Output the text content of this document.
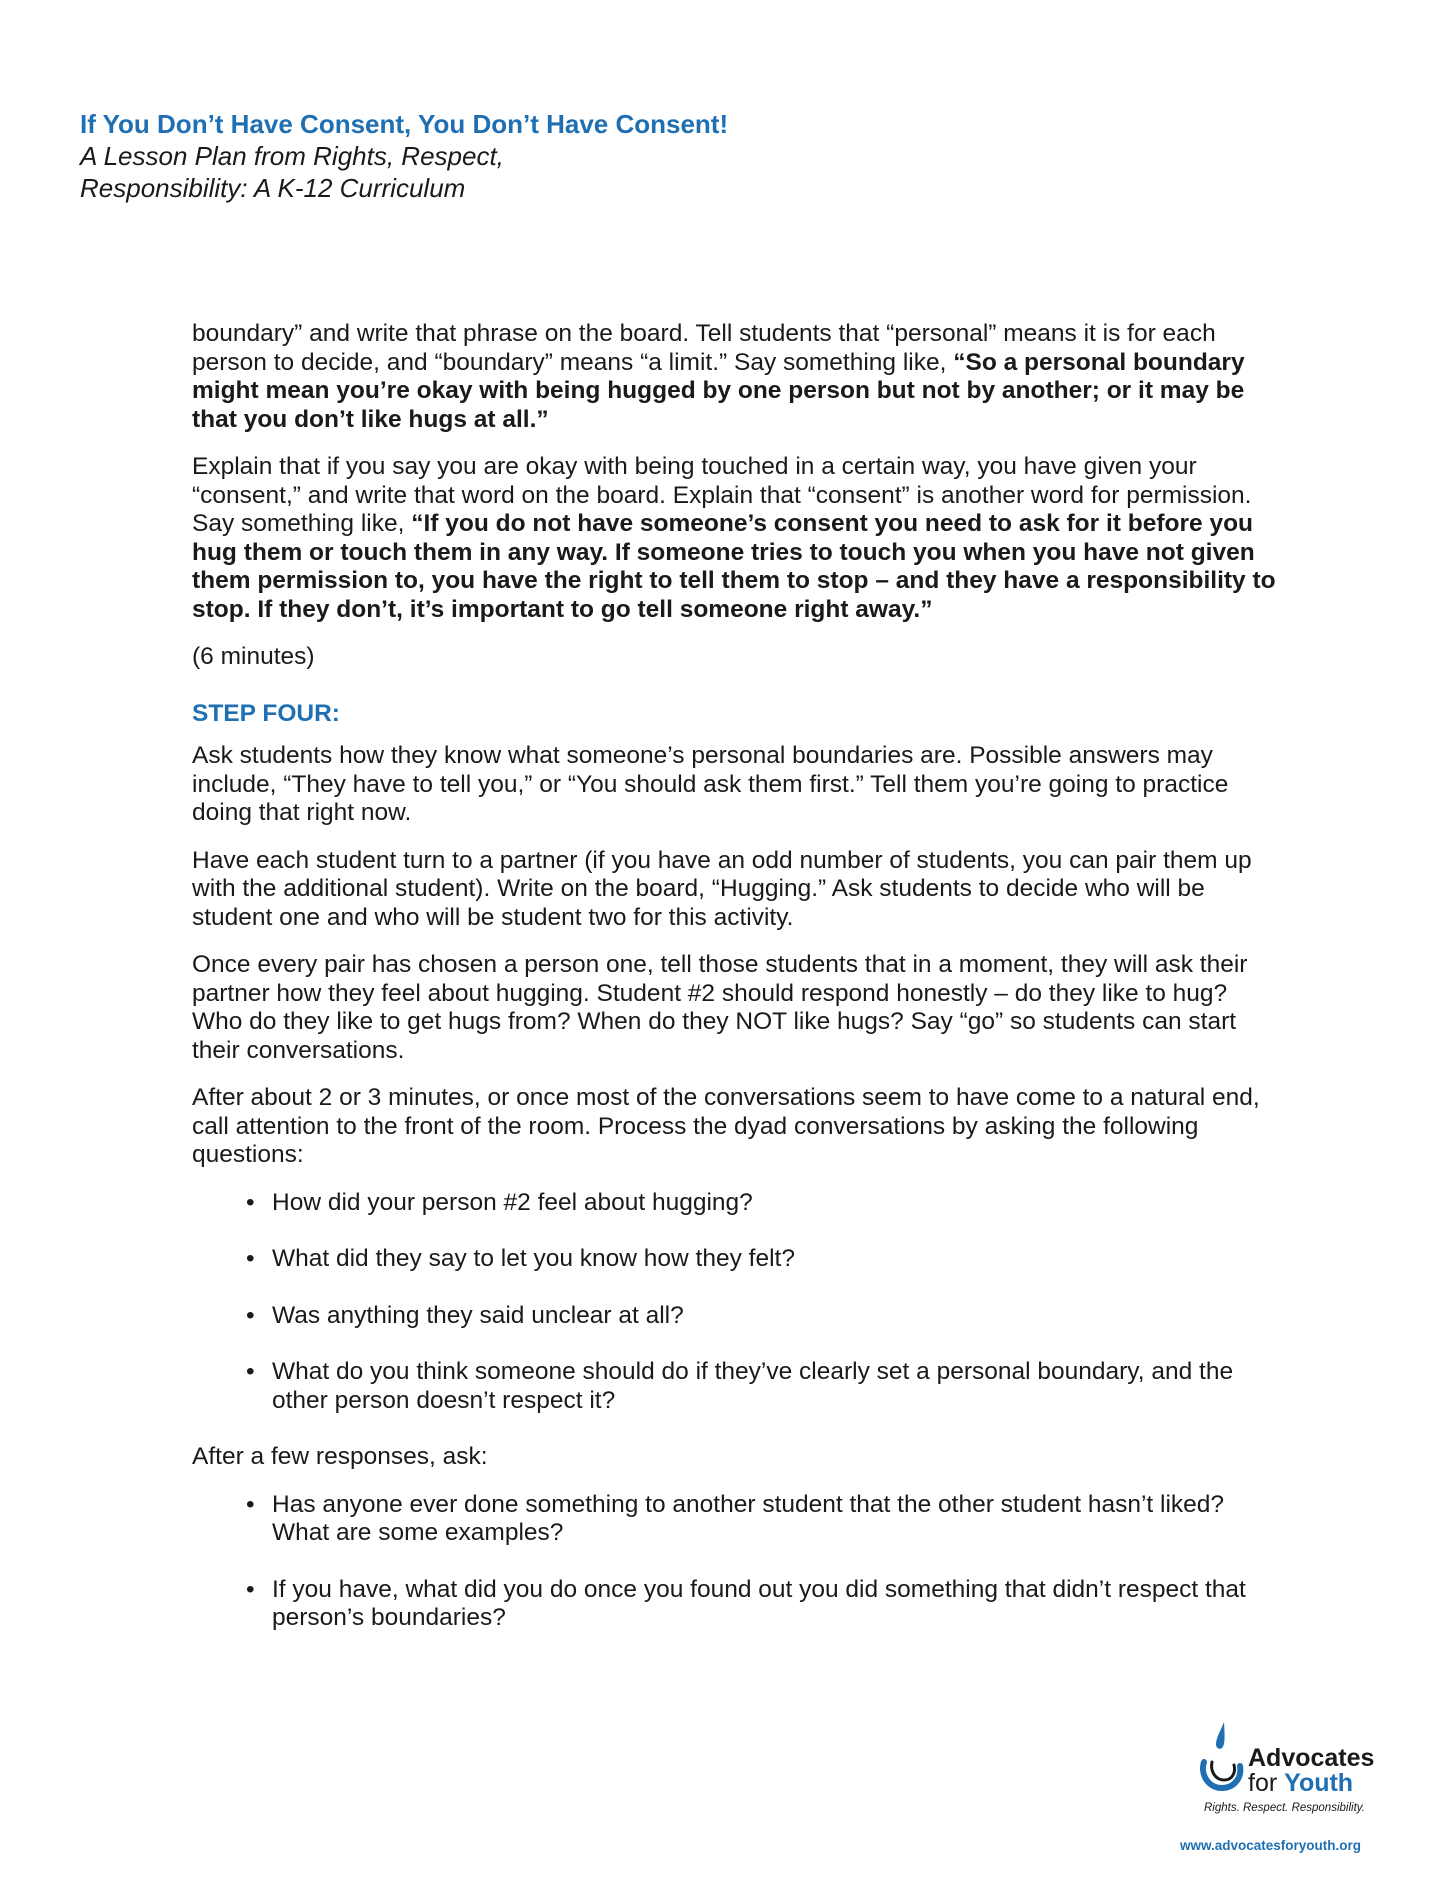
If You Don’t Have Consent, You Don’t Have Consent!

A Lesson Plan from Rights, Respect,

Responsibility: A K-12 Curriculum

boundary” and write that phrase on the board. Tell students that “personal” means it is for each person to decide, and “boundary” means “a limit.” Say something like, “So a personal boundary might mean you’re okay with being hugged by one person but not by another; or it may be that you don’t like hugs at all.”

Explain that if you say you are okay with being touched in a certain way, you have given your “consent,” and write that word on the board. Explain that “consent” is another word for permission. Say something like, “If you do not have someone’s consent you need to ask for it before you hug them or touch them in any way. If someone tries to touch you when you have not given them permission to, you have the right to tell them to stop – and they have a responsibility to stop. If they don’t, it’s important to go tell someone right away.”

(6 minutes)

STEP FOUR:

Ask students how they know what someone’s personal boundaries are. Possible answers may include, “They have to tell you,” or “You should ask them first.” Tell them you’re going to practice doing that right now.

Have each student turn to a partner (if you have an odd number of students, you can pair them up with the additional student). Write on the board, “Hugging.” Ask students to decide who will be student one and who will be student two for this activity.

Once every pair has chosen a person one, tell those students that in a moment, they will ask their partner how they feel about hugging. Student #2 should respond honestly – do they like to hug? Who do they like to get hugs from? When do they NOT like hugs? Say “go” so students can start their conversations.

After about 2 or 3 minutes, or once most of the conversations seem to have come to a natural end, call attention to the front of the room. Process the dyad conversations by asking the following questions:

• How did your person #2 feel about hugging?
• What did they say to let you know how they felt?
• Was anything they said unclear at all?
• What do you think someone should do if they’ve clearly set a personal boundary, and the other person doesn’t respect it?

After a few responses, ask:

• Has anyone ever done something to another student that the other student hasn’t liked? What are some examples?
• If you have, what did you do once you found out you did something that didn’t respect that person’s boundaries?
Advocates
for Youth
Rights. Respect. Responsibility.
www.advocatesforyouth.org
